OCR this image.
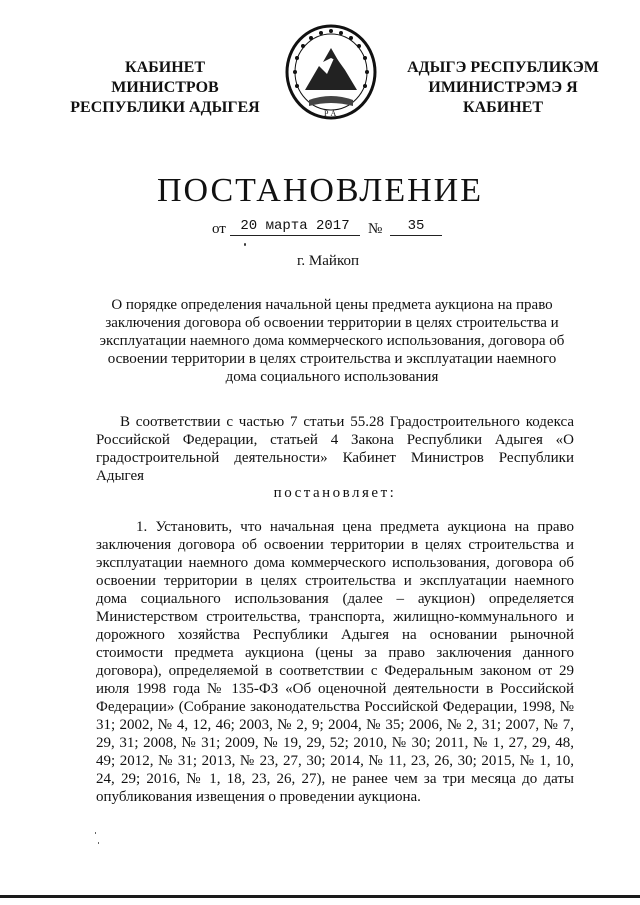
КАБИНЕТ МИНИСТРОВ
РЕСПУБЛИКИ АДЫГЕЯ	Р А
АДЫГЭ РЕСПУБЛИКЭМ
ИМИНИСТРЭМЭ Я КАБИНЕТ
ПОСТАНОВЛЕНИЕ
от	20 марта 2017	№	35
г. Майкоп
О порядке определения начальной цены предмета аукциона на право заключения договора об освоении территории в целях строительства и эксплуатации наемного дома коммерческого использования, договора об освоении территории в целях строительства и эксплуатации наемного дома социального использования
В соответствии с частью 7 статьи 55.28 Градостроительного кодекса Российской Федерации, статьей 4 Закона Республики Адыгея «О градостроительной деятельности» Кабинет Министров Республики Адыгея
постановляет:
1. Установить, что начальная цена предмета аукциона на право заключения договора об освоении территории в целях строительства и эксплуатации наемного дома коммерческого использования, договора об освоении территории в целях строительства и эксплуатации наемного дома социального использования (далее – аукцион) определяется Министерством строительства, транспорта, жилищно-коммунального и дорожного хозяйства Республики Адыгея на основании рыночной стоимости предмета аукциона (цены за право заключения данного договора), определяемой в соответствии с Федеральным законом от 29 июля 1998 года № 135-ФЗ «Об оценочной деятельности в Российской Федерации» (Собрание законодательства Российской Федерации, 1998, № 31; 2002, № 4, 12, 46; 2003, № 2, 9; 2004, № 35; 2006, № 2, 31; 2007, № 7, 29, 31; 2008, № 31; 2009, № 19, 29, 52; 2010, № 30; 2011, № 1, 27, 29, 48, 49; 2012, № 31; 2013, № 23, 27, 30; 2014, № 11, 23, 26, 30; 2015, № 1, 10, 24, 29; 2016, № 1, 18, 23, 26, 27), не ранее чем за три месяца до даты опубликования извещения о проведении аукциона.
